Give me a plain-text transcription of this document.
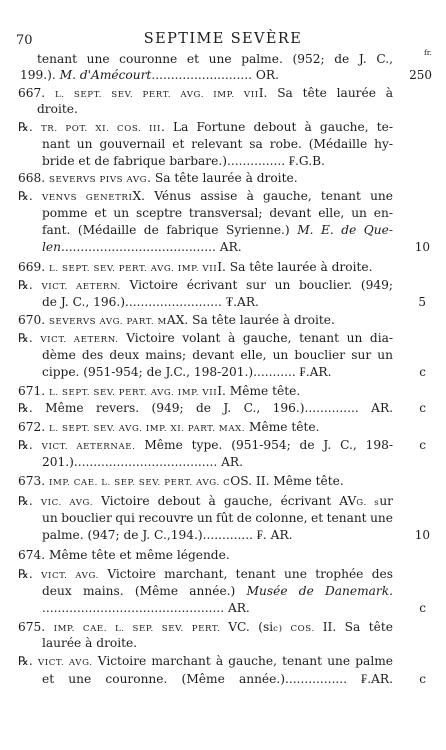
70	SEPTIME SEVÈRE
fr.
tenant une couronne et une palme. (952; de J. C.,
199.). M. d'Amécourt.......................... OR.
667. L. SEPT. SEV. PERT. AVG. IMP. VIII. Sa tête laurée à
droite.
℞. TR. POT. XI. COS. III. La Fortune debout à gauche, te-
nant un gouvernail et relevant sa robe. (Médaille hy-
bride et de fabrique barbare.)............... ₣.G.B.
668. SEVERVS PIVS AVG. Sa tête laurée à droite.
℞. VENVS GENETRIX. Vénus assise à gauche, tenant une
pomme et un sceptre transversal; devant elle, un en-
fant. (Médaille de fabrique Syrienne.) M. E. de Que-
len........................................ AR.
669. L. SEPT. SEV. PERT. AVG. IMP. VIII. Sa tête laurée à droite.
℞. VICT. AETERN. Victoire écrivant sur un bouclier. (949;
de J. C., 196.)......................... ₮.AR.
670. SEVERVS AVG. PART. MAX. Sa tête laurée à droite.
℞. VICT. AETERN. Victoire volant à gauche, tenant un dia-
dème des deux mains; devant elle, un bouclier sur un
cippe. (951-954; de J.C., 198-201.)........... ₣.AR.
671. L. SEPT. SEV. PERT. AVG. IMP. VIII. Même tête.
℞. Même revers. (949; de J. C., 196.).............. AR.
672. L. SEPT. SEV. AVG. IMP. XI. PART. MAX. Même tête.
℞. VICT. AETERNAE. Même type. (951-954; de J. C., 198-
201.)..................................... AR.
673. IMP. CAE. L. SEP. SEV. PERT. AVG. COS. II. Même tête.
℞. VIC. AVG. Victoire debout à gauche, écrivant AVG. sur
un bouclier qui recouvre un fût de colonne, et tenant une
palme. (947; de J. C.,194.)............. ₣. AR.
674. Même tête et même légende.
℞. VICT. AVG. Victoire marchant, tenant une trophée des
deux mains. (Même année.) Musée de Danemark.
............................................... AR.
675. IMP. CAE. L. SEP. SEV. PERT. VC. (sic) COS. II. Sa tête
laurée à droite.
℞. VICT. AVG. Victoire marchant à gauche, tenant une palme
et une couronne. (Même année.)................ ₣.AR.
250
10
5
c
c
c
10
c
c
